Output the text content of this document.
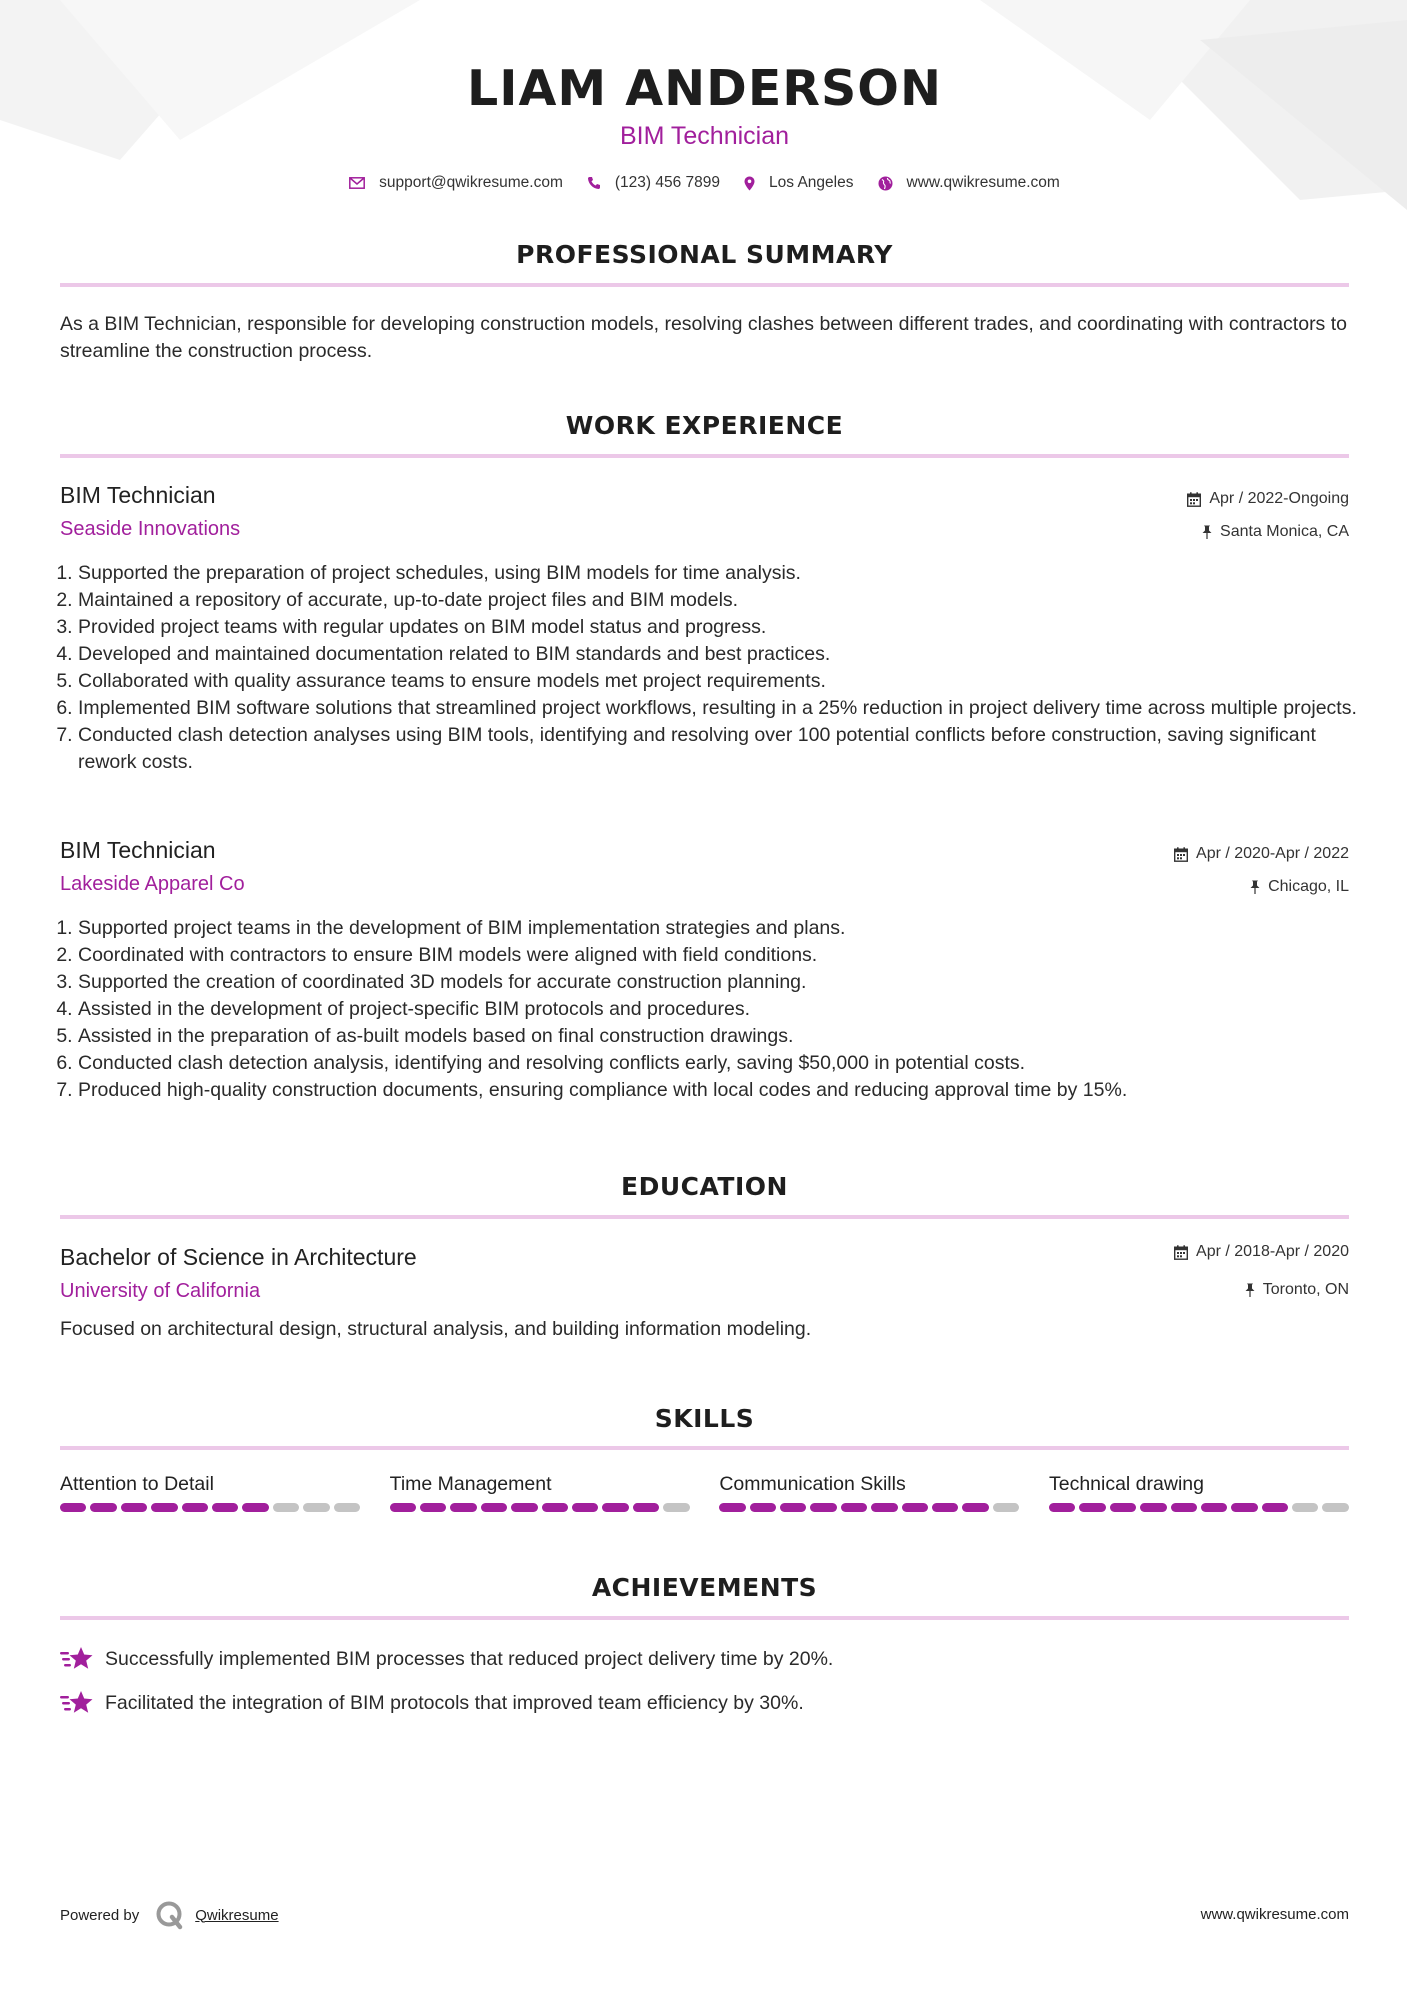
LIAM ANDERSON
BIM Technician
support@qwikresume.com	(123) 456 7899	Los Angeles	www.qwikresume.com
PROFESSIONAL SUMMARY
As a BIM Technician, responsible for developing construction models, resolving clashes between different trades, and coordinating with contractors to streamline the construction process.
WORK EXPERIENCE
BIM Technician	Apr / 2022-Ongoing
Seaside Innovations	Santa Monica, CA
1. Supported the preparation of project schedules, using BIM models for time analysis.
2. Maintained a repository of accurate, up-to-date project files and BIM models.
3. Provided project teams with regular updates on BIM model status and progress.
4. Developed and maintained documentation related to BIM standards and best practices.
5. Collaborated with quality assurance teams to ensure models met project requirements.
6. Implemented BIM software solutions that streamlined project workflows, resulting in a 25% reduction in project delivery time across multiple projects.
7. Conducted clash detection analyses using BIM tools, identifying and resolving over 100 potential conflicts before construction, saving significant rework costs.
BIM Technician	Apr / 2020-Apr / 2022
Lakeside Apparel Co	Chicago, IL
1. Supported project teams in the development of BIM implementation strategies and plans.
2. Coordinated with contractors to ensure BIM models were aligned with field conditions.
3. Supported the creation of coordinated 3D models for accurate construction planning.
4. Assisted in the development of project-specific BIM protocols and procedures.
5. Assisted in the preparation of as-built models based on final construction drawings.
6. Conducted clash detection analysis, identifying and resolving conflicts early, saving $50,000 in potential costs.
7. Produced high-quality construction documents, ensuring compliance with local codes and reducing approval time by 15%.
EDUCATION
Bachelor of Science in Architecture	Apr / 2018-Apr / 2020
University of California	Toronto, ON
Focused on architectural design, structural analysis, and building information modeling.
SKILLS
Attention to Detail	Time Management	Communication Skills	Technical drawing
ACHIEVEMENTS
Successfully implemented BIM processes that reduced project delivery time by 20%.
Facilitated the integration of BIM protocols that improved team efficiency by 30%.
Powered by	Qwikresume	www.qwikresume.com
